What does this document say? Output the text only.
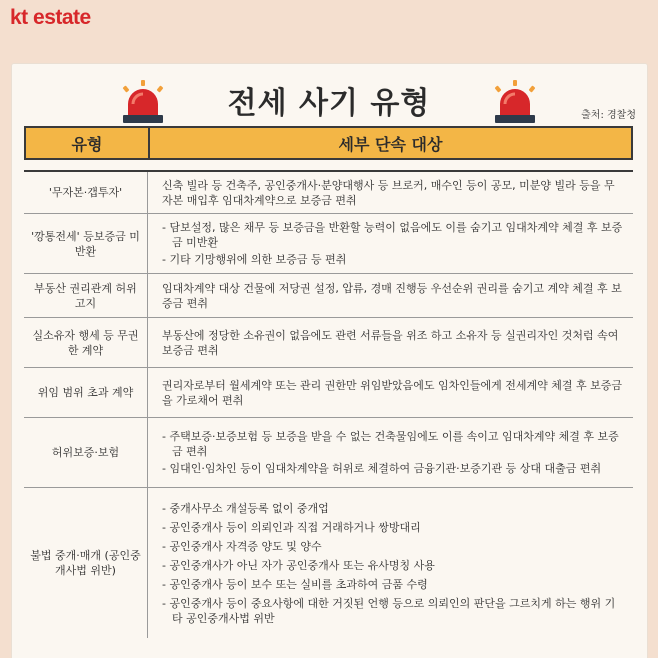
kt estate
전세 사기 유형	출처: 경찰청
유형	세부 단속 대상
'무자본·갭투자'
신축 빌라 등 건축주, 공인중개사·분양대행사 등 브로커, 매수인 등이 공모, 미분양 빌라 등을 무자본 매입후 임대차계약으로 보증금 편취
'깡통전세' 등보증금 미반환
- 담보설정, 많은 채무 등 보증금을 반환할 능력이 없음에도 이를 숨기고 임대차계약 체결 후 보증금 미반환
- 기타 기망행위에 의한 보증금 등 편취
부동산 권리관계 허위 고지
임대차계약 대상 건물에 저당권 설정, 압류, 경매 진행등 우선순위 권리를 숨기고 계약 체결 후 보증금 편취
실소유자 행세 등 무권한 계약
부동산에 정당한 소유권이 없음에도 관련 서류들을 위조 하고 소유자 등 실권리자인 것처럼 속여 보증금 편취
위임 범위 초과 계약
권리자로부터 월세계약 또는 관리 권한만 위임받았음에도 임차인들에게 전세계약 체결 후 보증금을 가로채어 편취
허위보증·보험
- 주택보증·보증보험 등 보증을 받을 수 없는 건축물임에도 이를 속이고 임대차계약 체결 후 보증금 편취
- 임대인·임차인 등이 임대차계약을 허위로 체결하여 금융기관·보증기관 등 상대 대출금 편취
불법 중개·매개 (공인중개사법 위반)
- 중개사무소 개설등록 없이 중개업
- 공인중개사 등이 의뢰인과 직접 거래하거나 쌍방대리
- 공인중개사 자격증 양도 및 양수
- 공인중개사가 아닌 자가 공인중개사 또는 유사명칭 사용
- 공인중개사 등이 보수 또는 실비를 초과하여 금품 수령
- 공인중개사 등이 중요사항에 대한 거짓된 언행 등으로 의뢰인의 판단을 그르치게 하는 행위 기타 공인중개사법 위반
